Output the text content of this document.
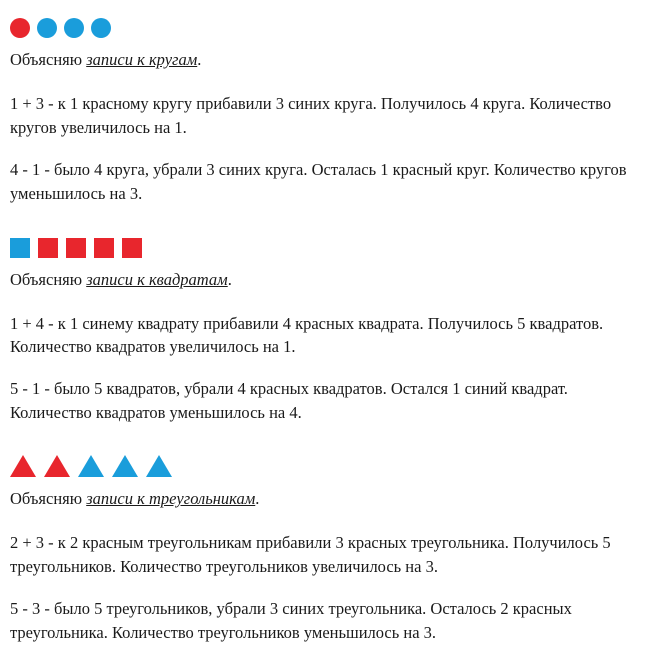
Объясняю записи к кругам.

1 + 3 - к 1 красному кругу прибавили 3 синих круга. Получилось 4 круга. Количество кругов увеличилось на 1.

4 - 1 - было 4 круга, убрали 3 синих круга. Осталась 1 красный круг. Количество кругов уменьшилось на 3.

Объясняю записи к квадратам.

1 + 4 - к 1 синему квадрату прибавили 4 красных квадрата. Получилось 5 квадратов. Количество квадратов увеличилось на 1.

5 - 1 - было 5 квадратов, убрали 4 красных квадратов. Остался 1 синий квадрат. Количество квадратов уменьшилось на 4.

Объясняю записи к треугольникам.

2 + 3 - к 2 красным треугольникам прибавили 3 красных треугольника. Получилось 5 треугольников. Количество треугольников увеличилось на 3.

5 - 3 - было 5 треугольников, убрали 3 синих треугольника. Осталось 2 красных треугольника. Количество треугольников уменьшилось на 3.
